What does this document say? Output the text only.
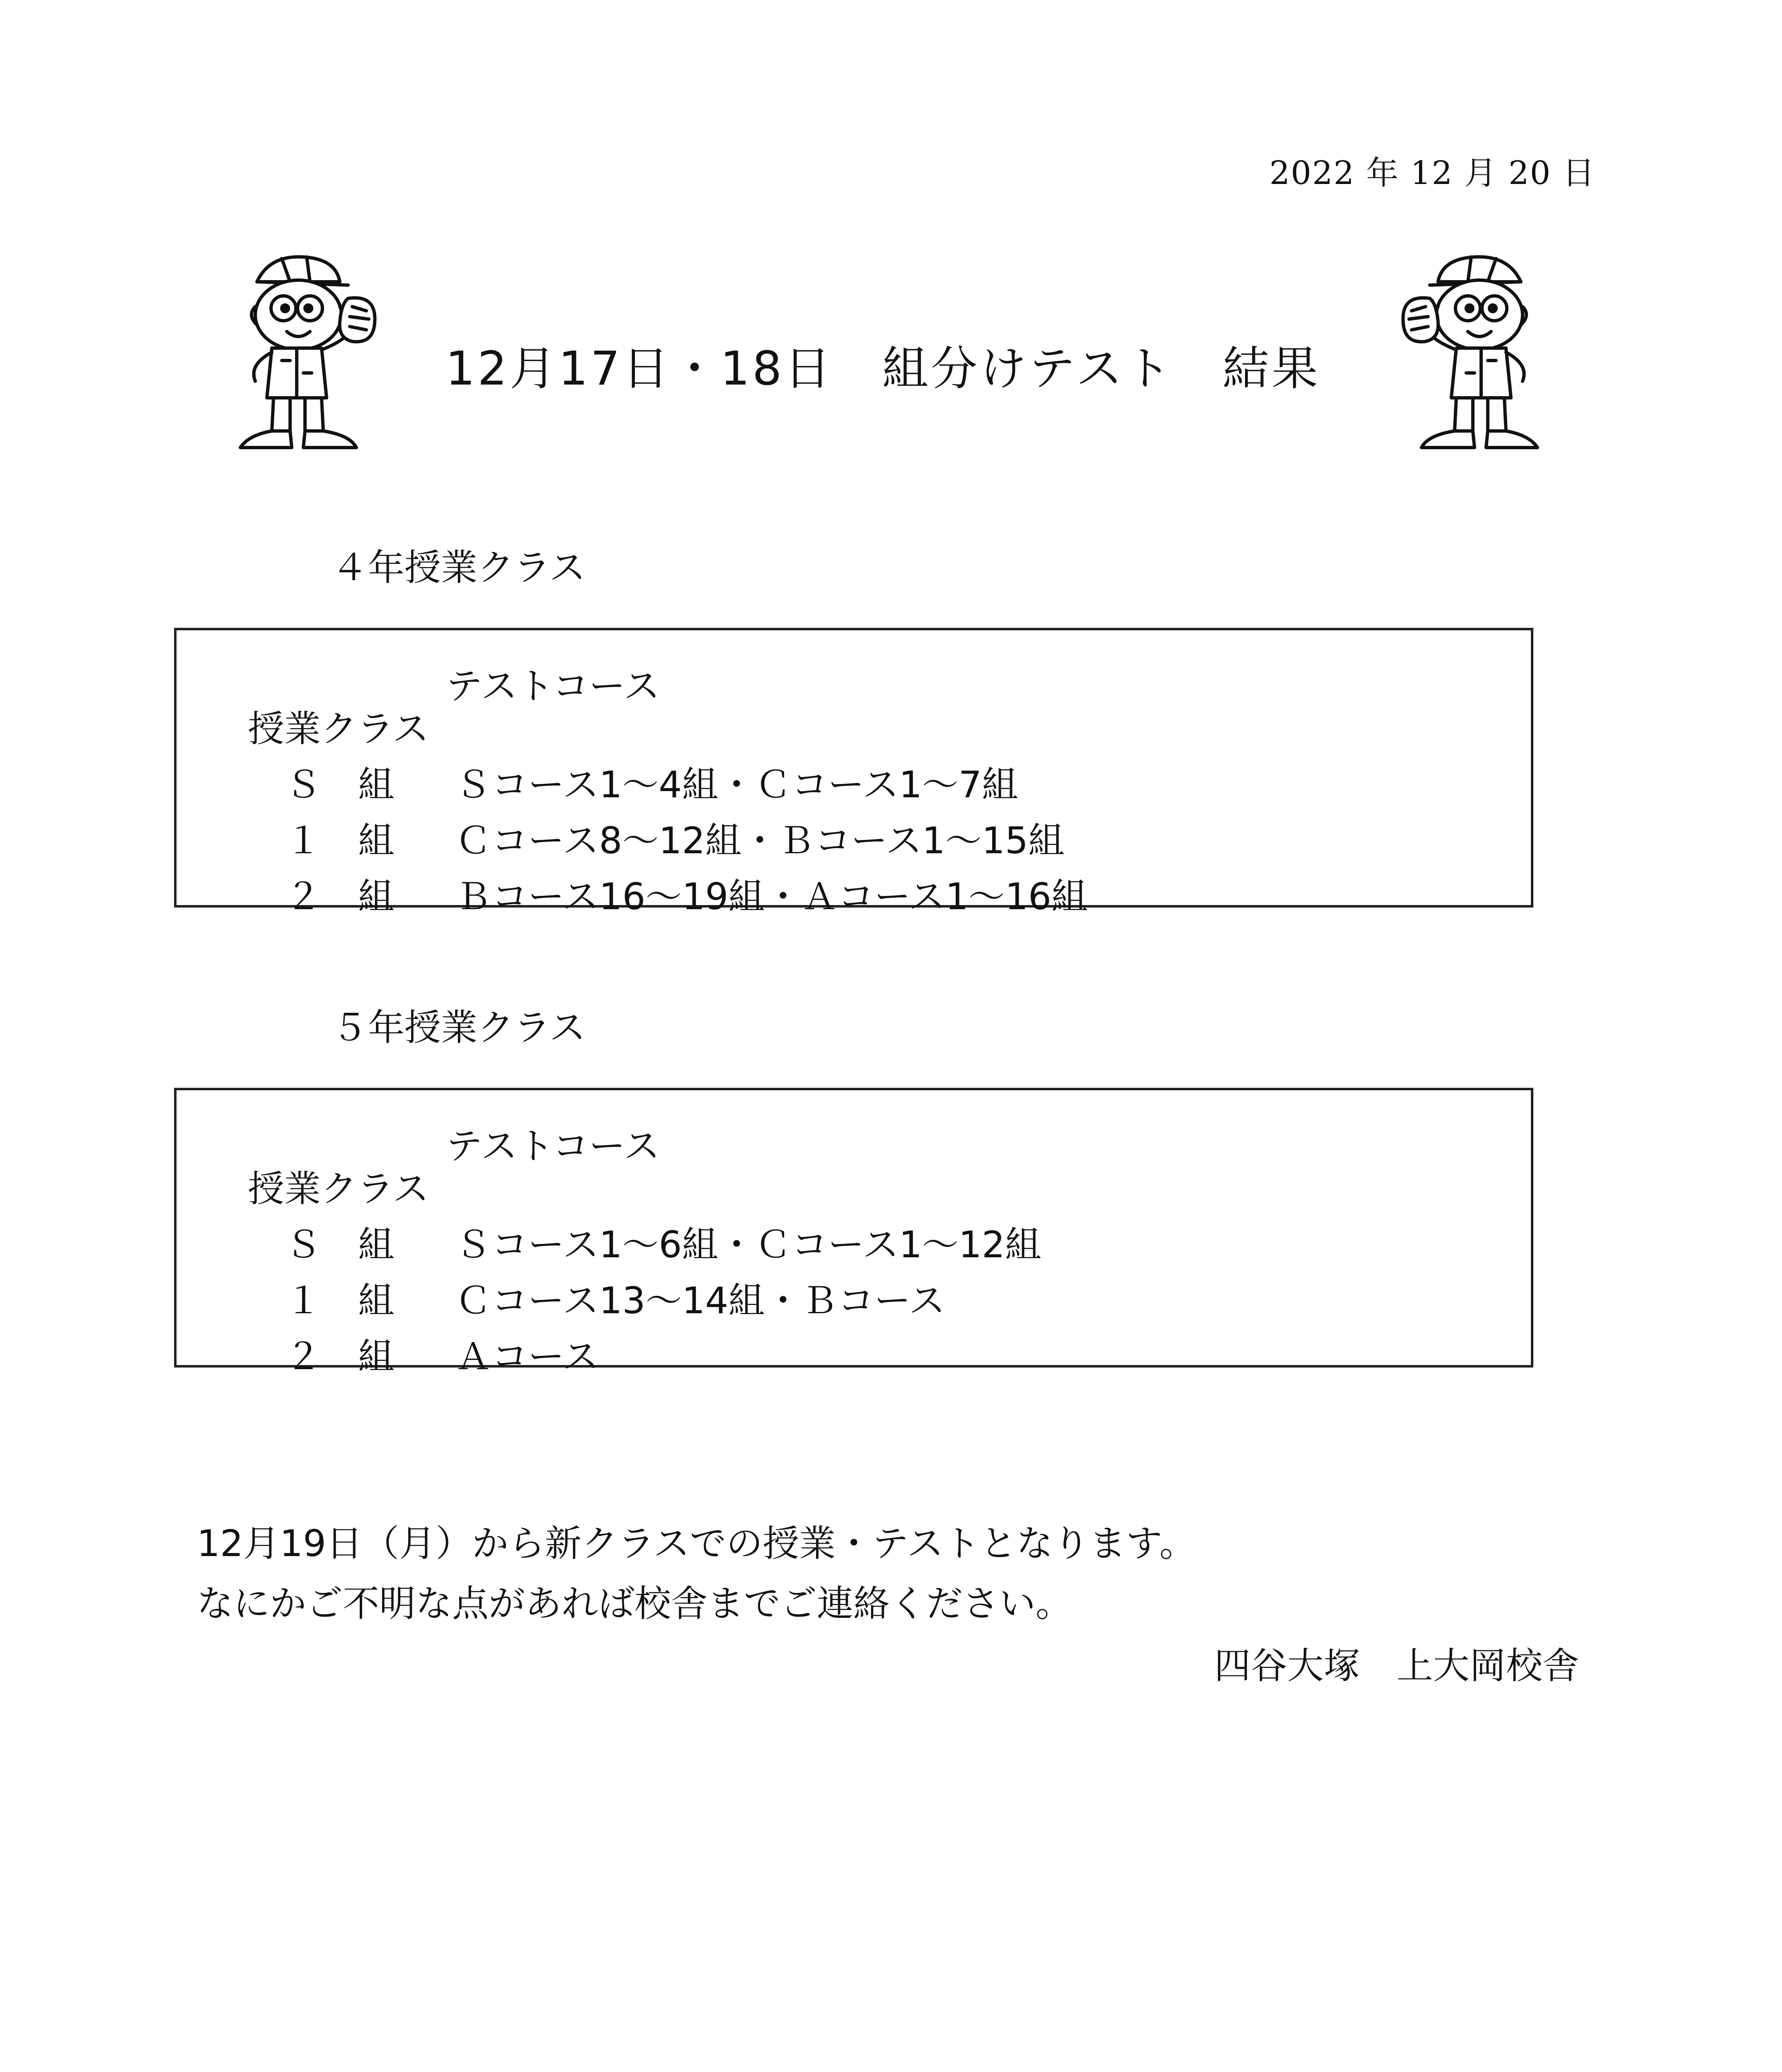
2022 年 12 月 20 日
12月17日・18日　組分けテスト　結果
４年授業クラス

授業クラス

テストコース

Ｓ　組 Ｓコース1～4組・Ｃコース1～7組

１　組 Ｃコース8～12組・Ｂコース1～15組

２　組 Ｂコース16～19組・Ａコース1～16組

５年授業クラス

授業クラス

テストコース

Ｓ　組 Ｓコース1～6組・Ｃコース1～12組

１　組 Ｃコース13～14組・Ｂコース

２　組 Ａコース

12月19日（月）から新クラスでの授業・テストとなります。
なにかご不明な点があれば校舎までご連絡ください。
四谷大塚　上大岡校舎
